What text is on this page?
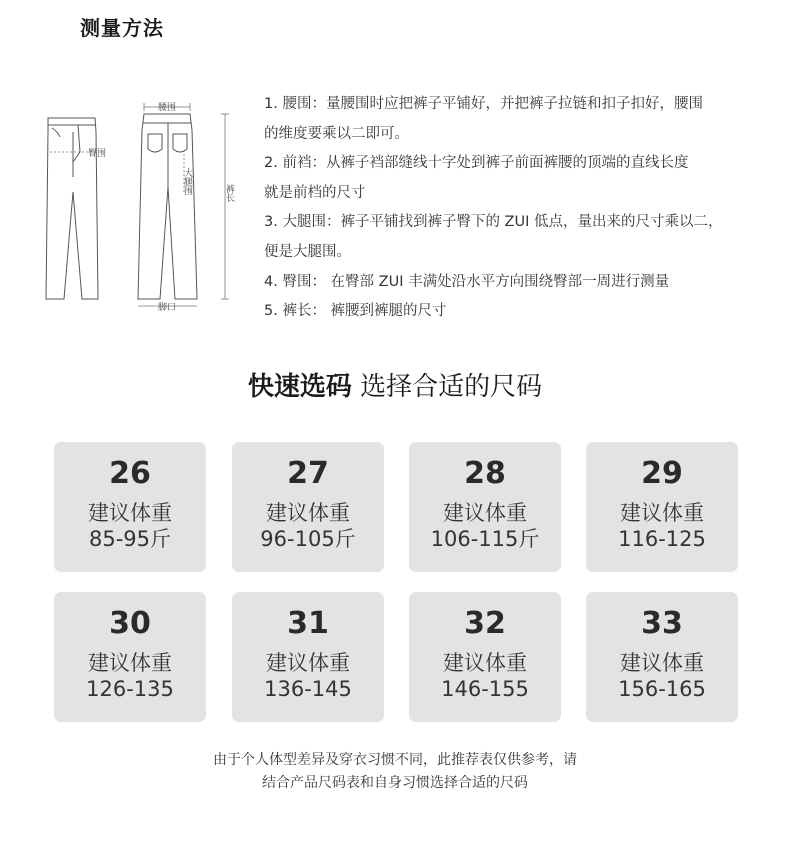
测量方法
腰围
臀围
大腿围	裤长
脚口
1. 腰围：量腰围时应把裤子平铺好，并把裤子拉链和扣子扣好，腰围
的维度要乘以二即可。
2. 前裆：从裤子裆部缝线十字处到裤子前面裤腰的顶端的直线长度
就是前档的尺寸
3. 大腿围：裤子平铺找到裤子臀下的 ZUI 低点，量出来的尺寸乘以二，
便是大腿围。
4. 臀围： 在臀部 ZUI 丰满处沿水平方向围绕臀部一周进行测量
5. 裤长： 裤腰到裤腿的尺寸
快速选码 选择合适的尺码
26
建议体重
85-95斤
27
建议体重
96-105斤
28
建议体重
106-115斤
29
建议体重
116-125
30
建议体重
126-135
31
建议体重
136-145
32
建议体重
146-155
33
建议体重
156-165
由于个人体型差异及穿衣习惯不同，此推荐表仅供参考，请
结合产品尺码表和自身习惯选择合适的尺码
